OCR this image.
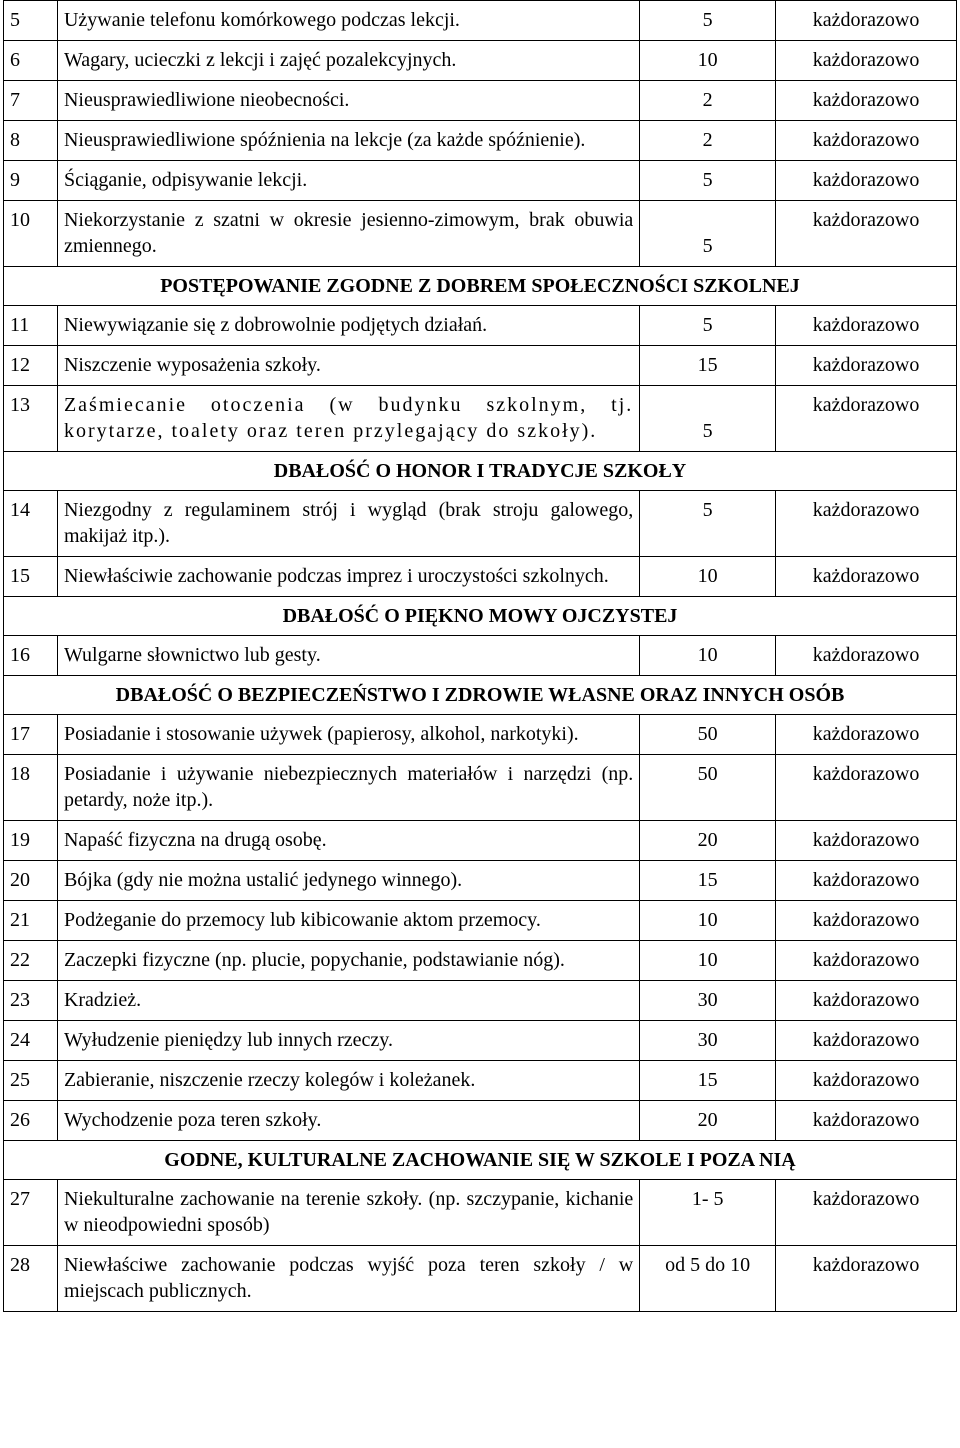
5	Używanie telefonu komórkowego podczas lekcji.	5	każdorazowo
6	Wagary, ucieczki z lekcji i zajęć pozalekcyjnych.	10	każdorazowo
7	Nieusprawiedliwione nieobecności.	2	każdorazowo
8	Nieusprawiedliwione spóźnienia na lekcje (za każde spóźnienie).	2	każdorazowo
9	Ściąganie, odpisywanie lekcji.	5	każdorazowo
10	Niekorzystanie z szatni w okresie jesienno-zimowym, brak obuwia zmiennego.	5	każdorazowo
POSTĘPOWANIE ZGODNE Z DOBREM SPOŁECZNOŚCI SZKOLNEJ			
11	Niewywiązanie się z dobrowolnie podjętych działań.	5	każdorazowo
12	Niszczenie wyposażenia szkoły.	15	każdorazowo
13	Zaśmiecanie otoczenia (w budynku szkolnym, tj. korytarze, toalety oraz teren przylegający do szkoły).	5	każdorazowo
DBAŁOŚĆ O HONOR I TRADYCJE SZKOŁY			
14	Niezgodny z regulaminem strój i wygląd (brak stroju galowego, makijaż itp.).	5	każdorazowo
15	Niewłaściwie zachowanie podczas imprez i uroczystości szkolnych.	10	każdorazowo
DBAŁOŚĆ O PIĘKNO MOWY OJCZYSTEJ			
16	Wulgarne słownictwo lub gesty.	10	każdorazowo
DBAŁOŚĆ O BEZPIECZEŃSTWO I ZDROWIE WŁASNE ORAZ INNYCH OSÓB			
17	Posiadanie i stosowanie używek (papierosy, alkohol, narkotyki).	50	każdorazowo
18	Posiadanie i używanie niebezpiecznych materiałów i narzędzi (np. petardy, noże itp.).	50	każdorazowo
19	Napaść fizyczna na drugą osobę.	20	każdorazowo
20	Bójka (gdy nie można ustalić jedynego winnego).	15	każdorazowo
21	Podżeganie do przemocy lub kibicowanie aktom przemocy.	10	każdorazowo
22	Zaczepki fizyczne (np. plucie, popychanie, podstawianie nóg).	10	każdorazowo
23	Kradzież.	30	każdorazowo
24	Wyłudzenie pieniędzy lub innych rzeczy.	30	każdorazowo
25	Zabieranie, niszczenie rzeczy kolegów i koleżanek.	15	każdorazowo
26	Wychodzenie poza teren szkoły.	20	każdorazowo
GODNE, KULTURALNE ZACHOWANIE SIĘ W SZKOLE I POZA NIĄ			
27	Niekulturalne zachowanie na terenie szkoły. (np. szczypanie, kichanie w nieodpowiedni sposób)	1- 5	każdorazowo
28	Niewłaściwe zachowanie podczas wyjść poza teren szkoły / w miejscach publicznych.	od 5 do 10	każdorazowo
